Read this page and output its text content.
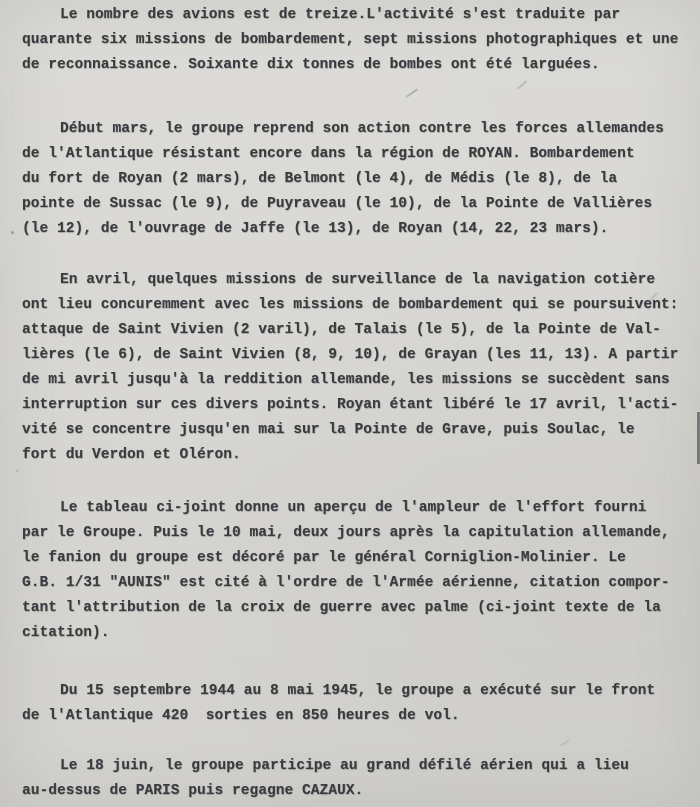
Le nombre des avions est de treize.L'activité s'est traduite par
quarante six missions de bombardement, sept missions photographiques et une
de reconnaissance. Soixante dix tonnes de bombes ont été larguées.
Début mars, le groupe reprend son action contre les forces allemandes
de l'Atlantique résistant encore dans la région de ROYAN. Bombardement
du fort de Royan (2 mars), de Belmont (le 4), de Médis (le 8), de la
pointe de Sussac (le 9), de Puyraveau (le 10), de la Pointe de Vallières
(le 12), de l'ouvrage de Jaffe (le 13), de Royan (14, 22, 23 mars).
En avril, quelques missions de surveillance de la navigation cotière
ont lieu concuremment avec les missions de bombardement qui se poursuivent:
attaque de Saint Vivien (2 varil), de Talais (le 5), de la Pointe de Val-
lières (le 6), de Saint Vivien (8, 9, 10), de Grayan (les 11, 13). A partir
de mi avril jusqu'à la reddition allemande, les missions se succèdent sans
interruption sur ces divers points. Royan étant libéré le 17 avril, l'acti-
vité se concentre jusqu'en mai sur la Pointe de Grave, puis Soulac, le
fort du Verdon et Oléron.
Le tableau ci-joint donne un aperçu de l'ampleur de l'effort fourni
par le Groupe. Puis le 10 mai, deux jours après la capitulation allemande,
le fanion du groupe est décoré par le général Corniglion-Molinier. Le
G.B. 1/31 "AUNIS" est cité à l'ordre de l'Armée aérienne, citation compor-
tant l'attribution de la croix de guerre avec palme (ci-joint texte de la
citation).
Du 15 septembre 1944 au 8 mai 1945, le groupe a exécuté sur le front
de l'Atlantique 420  sorties en 850 heures de vol.
Le 18 juin, le groupe participe au grand défilé aérien qui a lieu
au-dessus de PARIS puis regagne CAZAUX.
